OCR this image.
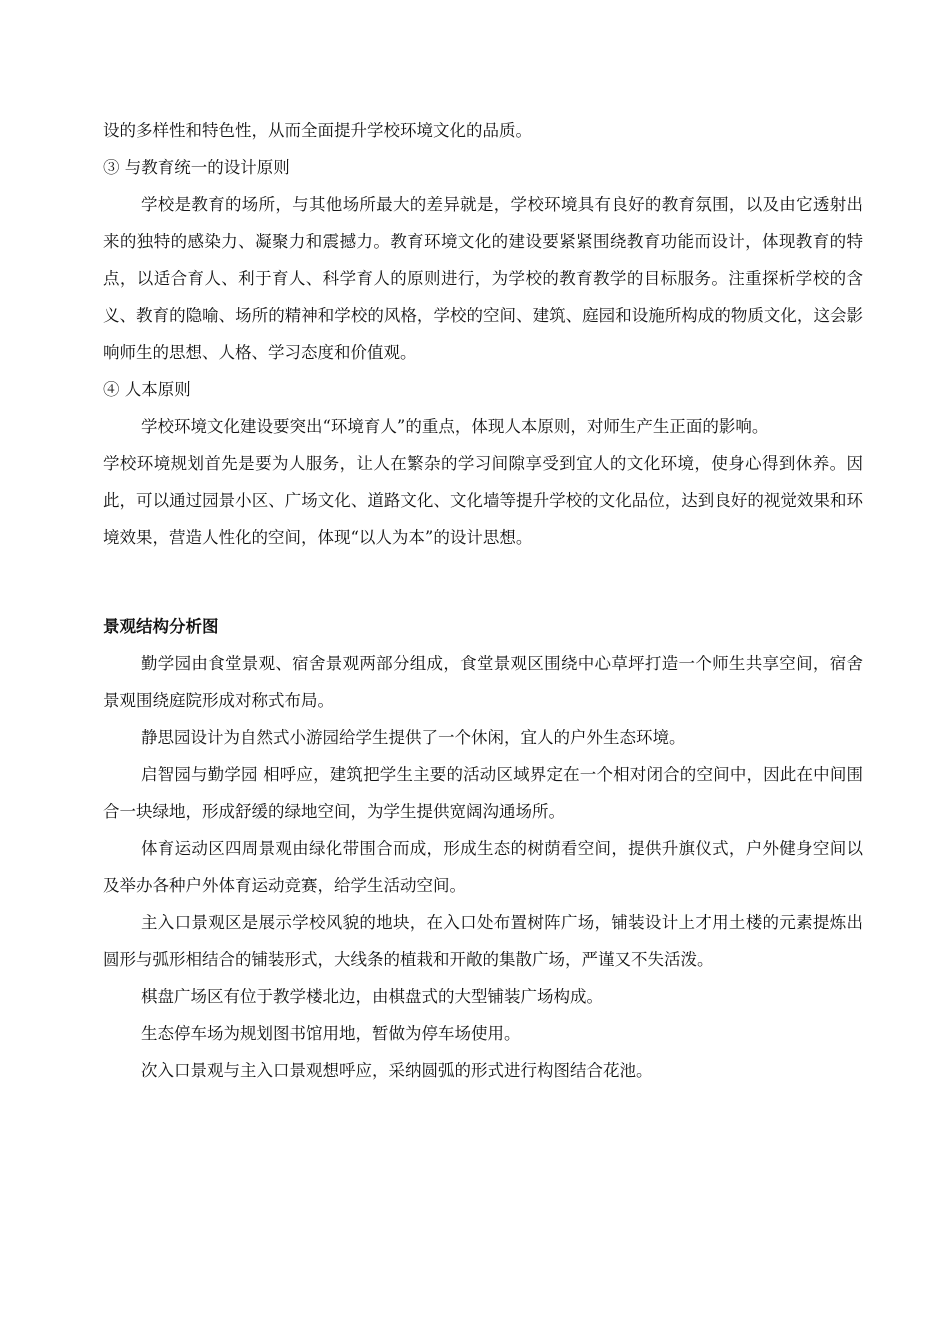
设的多样性和特色性，从而全面提升学校环境文化的品质。

③ 与教育统一的设计原则

学校是教育的场所，与其他场所最大的差异就是，学校环境具有良好的教育氛围，以及由它透射出来的独特的感染力、凝聚力和震撼力。教育环境文化的建设要紧紧围绕教育功能而设计，体现教育的特点，以适合育人、利于育人、科学育人的原则进行，为学校的教育教学的目标服务。注重探析学校的含义、教育的隐喻、场所的精神和学校的风格，学校的空间、建筑、庭园和设施所构成的物质文化，这会影响师生的思想、人格、学习态度和价值观。

④ 人本原则

学校环境文化建设要突出“环境育人”的重点，体现人本原则，对师生产生正面的影响。

学校环境规划首先是要为人服务，让人在繁杂的学习间隙享受到宜人的文化环境，使身心得到休养。因此，可以通过园景小区、广场文化、道路文化、文化墙等提升学校的文化品位，达到良好的视觉效果和环境效果，营造人性化的空间，体现“以人为本”的设计思想。

景观结构分析图

勤学园由食堂景观、宿舍景观两部分组成，食堂景观区围绕中心草坪打造一个师生共享空间，宿舍景观围绕庭院形成对称式布局。

静思园设计为自然式小游园给学生提供了一个休闲，宜人的户外生态环境。

启智园与勤学园 相呼应，建筑把学生主要的活动区域界定在一个相对闭合的空间中，因此在中间围合一块绿地，形成舒缓的绿地空间，为学生提供宽阔沟通场所。

体育运动区四周景观由绿化带围合而成，形成生态的树荫看空间，提供升旗仪式，户外健身空间以及举办各种户外体育运动竞赛，给学生活动空间。

主入口景观区是展示学校风貌的地块，在入口处布置树阵广场，铺装设计上才用土楼的元素提炼出圆形与弧形相结合的铺装形式，大线条的植栽和开敞的集散广场，严谨又不失活泼。

棋盘广场区有位于教学楼北边，由棋盘式的大型铺装广场构成。

生态停车场为规划图书馆用地，暂做为停车场使用。

次入口景观与主入口景观想呼应，采纳圆弧的形式进行构图结合花池。
